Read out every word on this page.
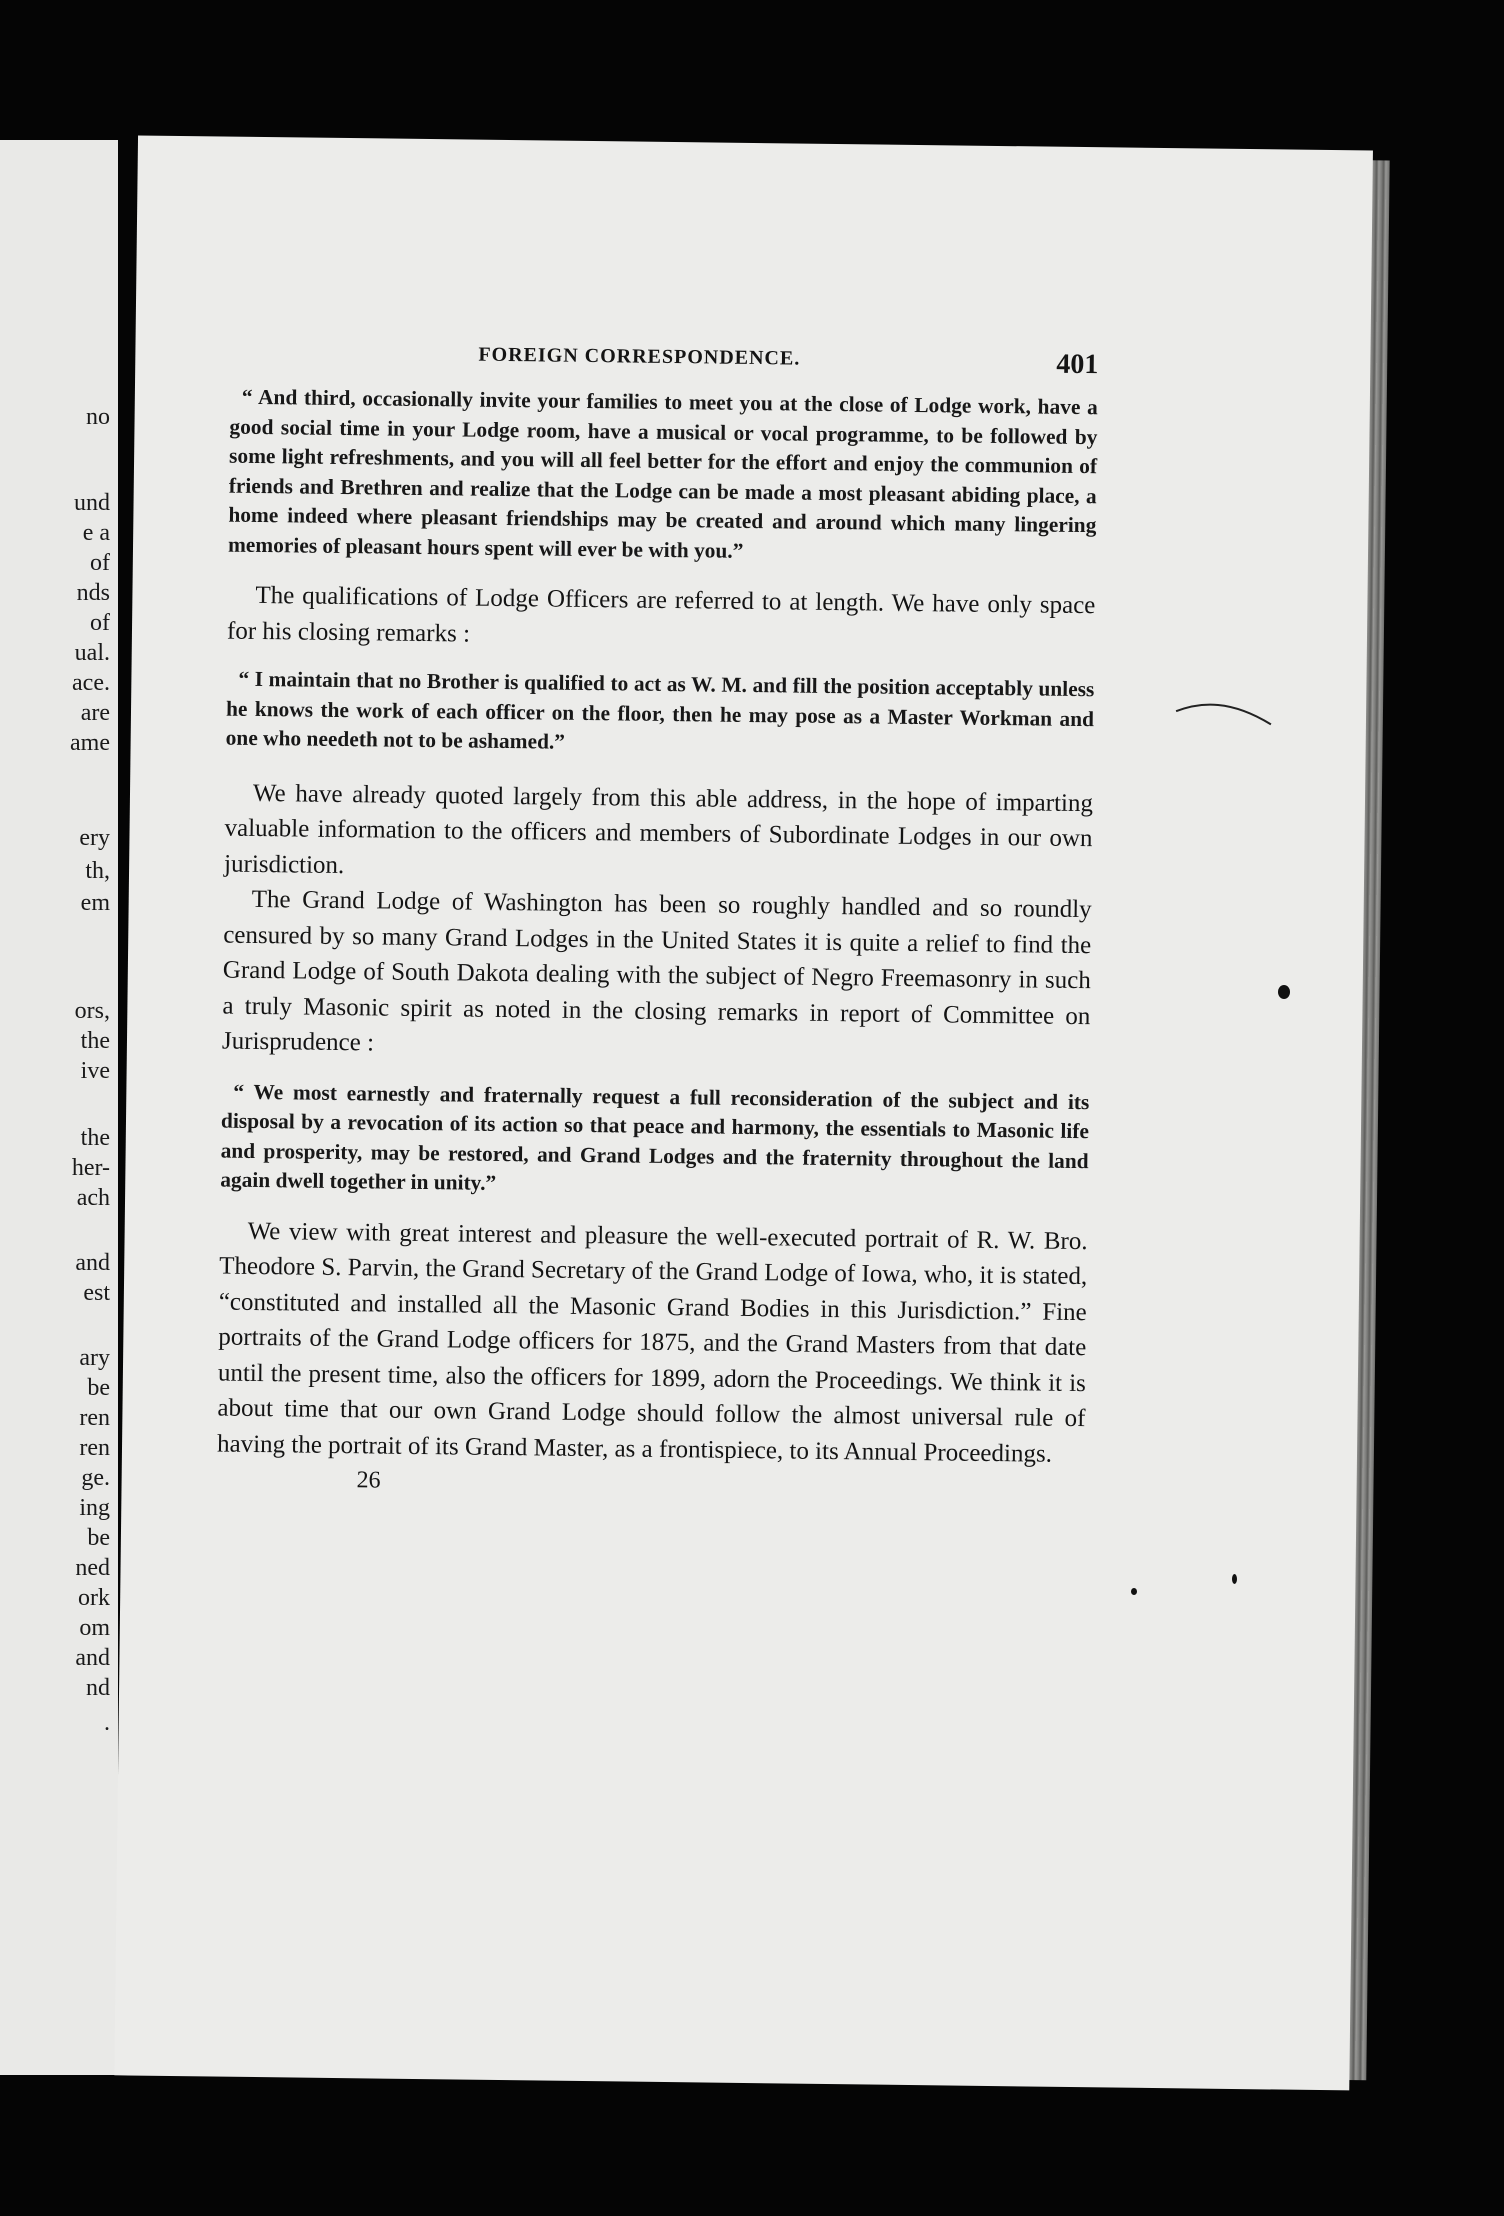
no
und
e a
of
nds
of
ual.
ace.
are
ame
ery
th,
em
ors,
the
ive
the
her-
ach
and
est
ary
be
ren
ren
ge.
ing
be
ned
ork
om
and
nd
.
FOREIGN CORRESPONDENCE.	401

“ And third, occasionally invite your families to meet you at the close of Lodge work, have a good social time in your Lodge room, have a musical or vocal programme, to be followed by some light refreshments, and you will all feel better for the effort and enjoy the communion of friends and Brethren and realize that the Lodge can be made a most pleasant abiding place, a home indeed where pleasant friendships may be created and around which many lingering memories of pleasant hours spent will ever be with you.”

The qualifications of Lodge Officers are referred to at length. We have only space for his closing remarks :

“ I maintain that no Brother is qualified to act as W. M. and fill the position acceptably unless he knows the work of each officer on the floor, then he may pose as a Master Workman and one who needeth not to be ashamed.”

We have already quoted largely from this able address, in the hope of imparting valuable information to the officers and members of Subordinate Lodges in our own jurisdiction.

The Grand Lodge of Washington has been so roughly handled and so roundly censured by so many Grand Lodges in the United States it is quite a relief to find the Grand Lodge of South Dakota dealing with the subject of Negro Freemasonry in such a truly Masonic spirit as noted in the closing remarks in report of Committee on Jurisprudence :

“ We most earnestly and fraternally request a full reconsideration of the subject and its disposal by a revocation of its action so that peace and harmony, the essentials to Masonic life and prosperity, may be restored, and Grand Lodges and the fraternity throughout the land again dwell together in unity.”

We view with great interest and pleasure the well-executed portrait of R. W. Bro. Theodore S. Parvin, the Grand Secretary of the Grand Lodge of Iowa, who, it is stated, “constituted and installed all the Masonic Grand Bodies in this Jurisdiction.” Fine portraits of the Grand Lodge officers for 1875, and the Grand Masters from that date until the present time, also the officers for 1899, adorn the Proceedings. We think it is about time that our own Grand Lodge should follow the almost universal rule of having the portrait of its Grand Master, as a frontispiece, to its Annual Proceedings.

26
